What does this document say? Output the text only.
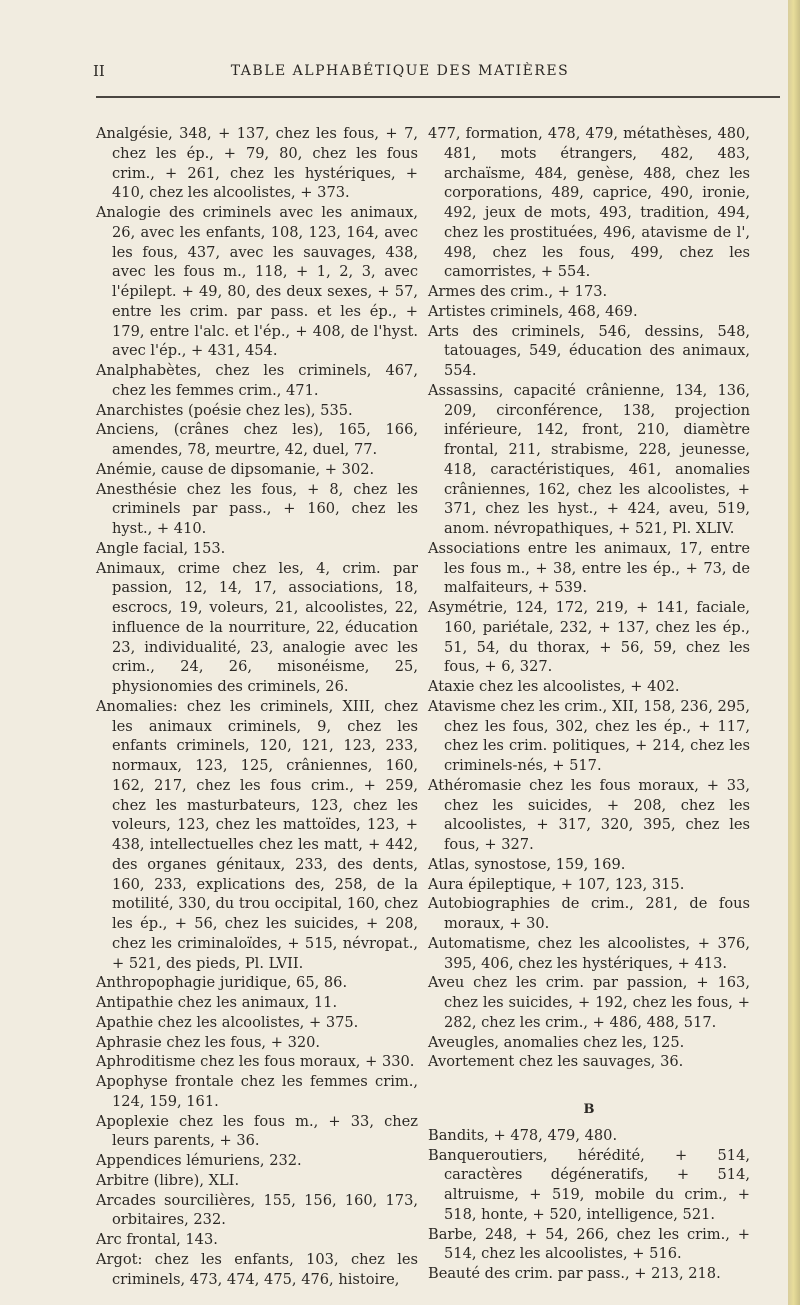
II	TABLE ALPHABÉTIQUE DES MATIÈRES

Analgésie, 348, + 137, chez les fous, + 7, chez les ép., + 79, 80, chez les fous crim., + 261, chez les hystériques, + 410, chez les alcoolistes, + 373.

Analogie des criminels avec les animaux, 26, avec les enfants, 108, 123, 164, avec les fous, 437, avec les sauvages, 438, avec les fous m., 118, + 1, 2, 3, avec l'épilept. + 49, 80, des deux sexes, + 57, entre les crim. par pass. et les ép., + 179, entre l'alc. et l'ép., + 408, de l'hyst. avec l'ép., + 431, 454.

Analphabètes, chez les criminels, 467, chez les femmes crim., 471.

Anarchistes (poésie chez les), 535.

Anciens, (crânes chez les), 165, 166, amendes, 78, meurtre, 42, duel, 77.

Anémie, cause de dipsomanie, + 302.

Anesthésie chez les fous, + 8, chez les criminels par pass., + 160, chez les hyst., + 410.

Angle facial, 153.

Animaux, crime chez les, 4, crim. par passion, 12, 14, 17, associations, 18, escrocs, 19, voleurs, 21, alcoolistes, 22, influence de la nourriture, 22, éducation 23, individualité, 23, analogie avec les crim., 24, 26, misonéisme, 25, physionomies des criminels, 26.

Anomalies: chez les criminels, XIII, chez les animaux criminels, 9, chez les enfants criminels, 120, 121, 123, 233, normaux, 123, 125, crâniennes, 160, 162, 217, chez les fous crim., + 259, chez les masturbateurs, 123, chez les voleurs, 123, chez les mattoïdes, 123, + 438, intellectuelles chez les matt, + 442, des organes génitaux, 233, des dents, 160, 233, explications des, 258, de la motilité, 330, du trou occipital, 160, chez les ép., + 56, chez les suicides, + 208, chez les criminaloïdes, + 515, névropat., + 521, des pieds, Pl. LVII.

Anthropophagie juridique, 65, 86.

Antipathie chez les animaux, 11.

Apathie chez les alcoolistes, + 375.

Aphrasie chez les fous, + 320.

Aphroditisme chez les fous moraux, + 330.

Apophyse frontale chez les femmes crim., 124, 159, 161.

Apoplexie chez les fous m., + 33, chez leurs parents, + 36.

Appendices lémuriens, 232.

Arbitre (libre), XLI.

Arcades sourcilières, 155, 156, 160, 173, orbitaires, 232.

Arc frontal, 143.

Argot: chez les enfants, 103, chez les criminels, 473, 474, 475, 476, histoire,

477, formation, 478, 479, métathèses, 480, 481, mots étrangers, 482, 483, archaïsme, 484, genèse, 488, chez les corporations, 489, caprice, 490, ironie, 492, jeux de mots, 493, tradition, 494, chez les prostituées, 496, atavisme de l', 498, chez les fous, 499, chez les camorristes, + 554.

Armes des crim., + 173.

Artistes criminels, 468, 469.

Arts des criminels, 546, dessins, 548, tatouages, 549, éducation des animaux, 554.

Assassins, capacité crânienne, 134, 136, 209, circonférence, 138, projection inférieure, 142, front, 210, diamètre frontal, 211, strabisme, 228, jeunesse, 418, caractéristiques, 461, anomalies crâniennes, 162, chez les alcoolistes, + 371, chez les hyst., + 424, aveu, 519, anom. névropathiques, + 521, Pl. XLIV.

Associations entre les animaux, 17, entre les fous m., + 38, entre les ép., + 73, de malfaiteurs, + 539.

Asymétrie, 124, 172, 219, + 141, faciale, 160, pariétale, 232, + 137, chez les ép., 51, 54, du thorax, + 56, 59, chez les fous, + 6, 327.

Ataxie chez les alcoolistes, + 402.

Atavisme chez les crim., XII, 158, 236, 295, chez les fous, 302, chez les ép., + 117, chez les crim. politiques, + 214, chez les criminels-nés, + 517.

Athéromasie chez les fous moraux, + 33, chez les suicides, + 208, chez les alcoolistes, + 317, 320, 395, chez les fous, + 327.

Atlas, synostose, 159, 169.

Aura épileptique, + 107, 123, 315.

Autobiographies de crim., 281, de fous moraux, + 30.

Automatisme, chez les alcoolistes, + 376, 395, 406, chez les hystériques, + 413.

Aveu chez les crim. par passion, + 163, chez les suicides, + 192, chez les fous, + 282, chez les crim., + 486, 488, 517.

Aveugles, anomalies chez les, 125.

Avortement chez les sauvages, 36.

B

Bandits, + 478, 479, 480.

Banqueroutiers, hérédité, + 514, caractères dégéneratifs, + 514, altruisme, + 519, mobile du crim., + 518, honte, + 520, intelligence, 521.

Barbe, 248, + 54, 266, chez les crim., + 514, chez les alcoolistes, + 516.

Beauté des crim. par pass., + 213, 218.
